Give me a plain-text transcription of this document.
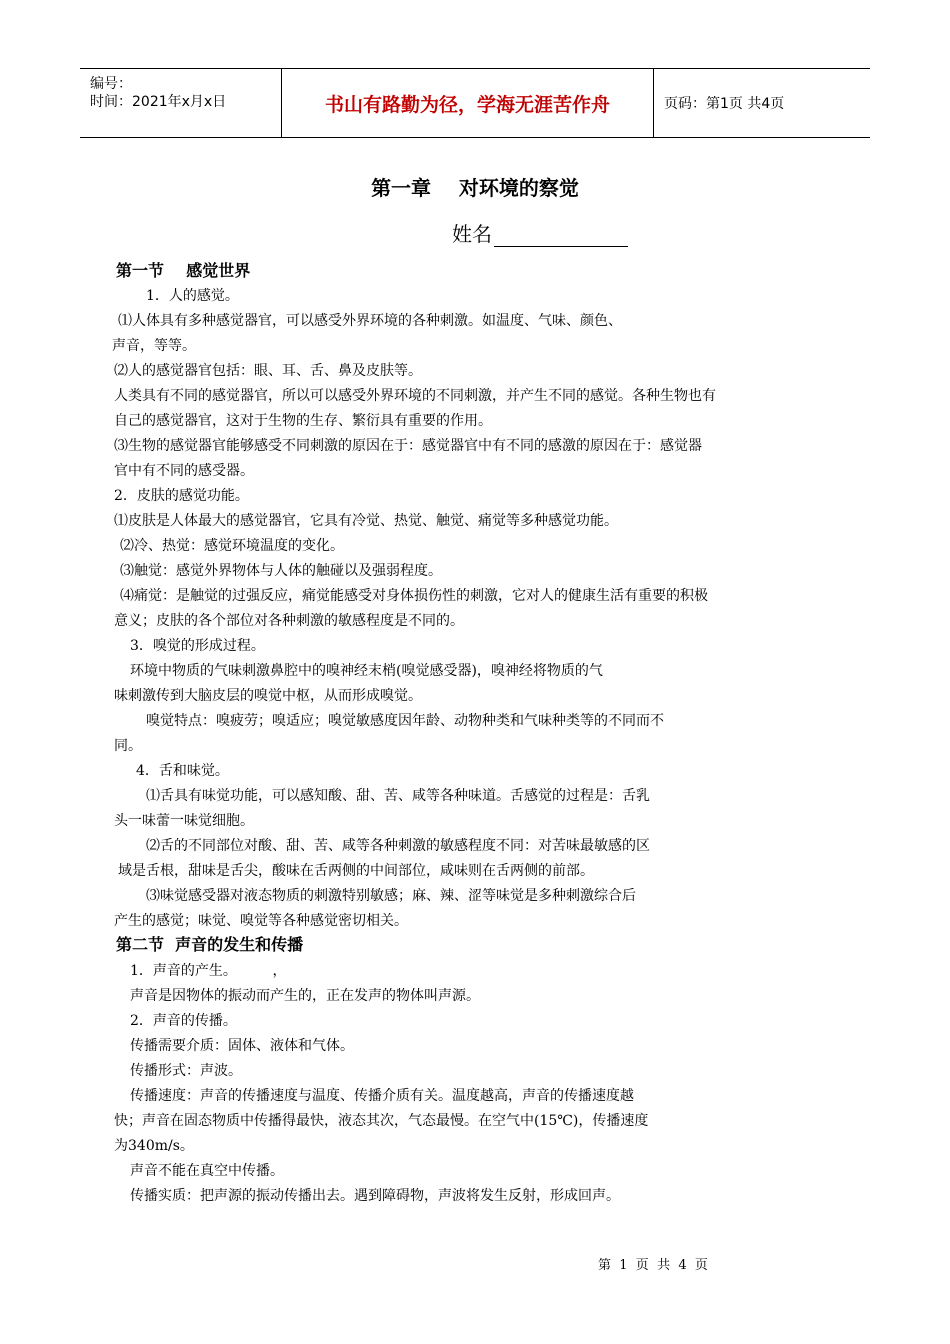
编号：
时间：2021年x月x日	书山有路勤为径，学海无涯苦作舟	页码：第1页 共4页
第一章    对环境的察觉
姓名
第一节    感觉世界
1．人的感觉。
⑴人体具有多种感觉器官，可以感受外界环境的各种刺激。如温度、气味、颜色、
声音，等等。
⑵人的感觉器官包括：眼、耳、舌、鼻及皮肤等。
人类具有不同的感觉器官，所以可以感受外界环境的不同刺激，并产生不同的感觉。各种生物也有
自己的感觉器官，这对于生物的生存、繁衍具有重要的作用。
⑶生物的感觉器官能够感受不同刺激的原因在于：感觉器官中有不同的感激的原因在于：感觉器
官中有不同的感受器。
2．皮肤的感觉功能。
⑴皮肤是人体最大的感觉器官，它具有冷觉、热觉、触觉、痛觉等多种感觉功能。
⑵冷、热觉：感觉环境温度的变化。
⑶触觉：感觉外界物体与人体的触碰以及强弱程度。
⑷痛觉：是触觉的过强反应，痛觉能感受对身体损伤性的刺激，它对人的健康生活有重要的积极
意义；皮肤的各个部位对各种刺激的敏感程度是不同的。
3．嗅觉的形成过程。
环境中物质的气味刺激鼻腔中的嗅神经末梢(嗅觉感受器)，嗅神经将物质的气
味刺激传到大脑皮层的嗅觉中枢，从而形成嗅觉。
嗅觉特点：嗅疲劳；嗅适应；嗅觉敏感度因年龄、动物种类和气味种类等的不同而不
同。
4．舌和味觉。
⑴舌具有味觉功能，可以感知酸、甜、苦、咸等各种味道。舌感觉的过程是：舌乳
头一味蕾一味觉细胞。
⑵舌的不同部位对酸、甜、苦、咸等各种刺激的敏感程度不同：对苦味最敏感的区
域是舌根，甜味是舌尖，酸味在舌两侧的中间部位，咸味则在舌两侧的前部。
⑶味觉感受器对液态物质的刺激特别敏感；麻、辣、涩等味觉是多种刺激综合后
产生的感觉；味觉、嗅觉等各种感觉密切相关。
第二节  声音的发生和传播
1．声音的产生。        ，
声音是因物体的振动而产生的，正在发声的物体叫声源。
2．声音的传播。
传播需要介质：固体、液体和气体。
传播形式：声波。
传播速度：声音的传播速度与温度、传播介质有关。温度越高，声音的传播速度越
快；声音在固态物质中传播得最快，液态其次，气态最慢。在空气中(15℃)，传播速度
为340m/s。
声音不能在真空中传播。
传播实质：把声源的振动传播出去。遇到障碍物，声波将发生反射，形成回声。
第  1  页  共  4  页
